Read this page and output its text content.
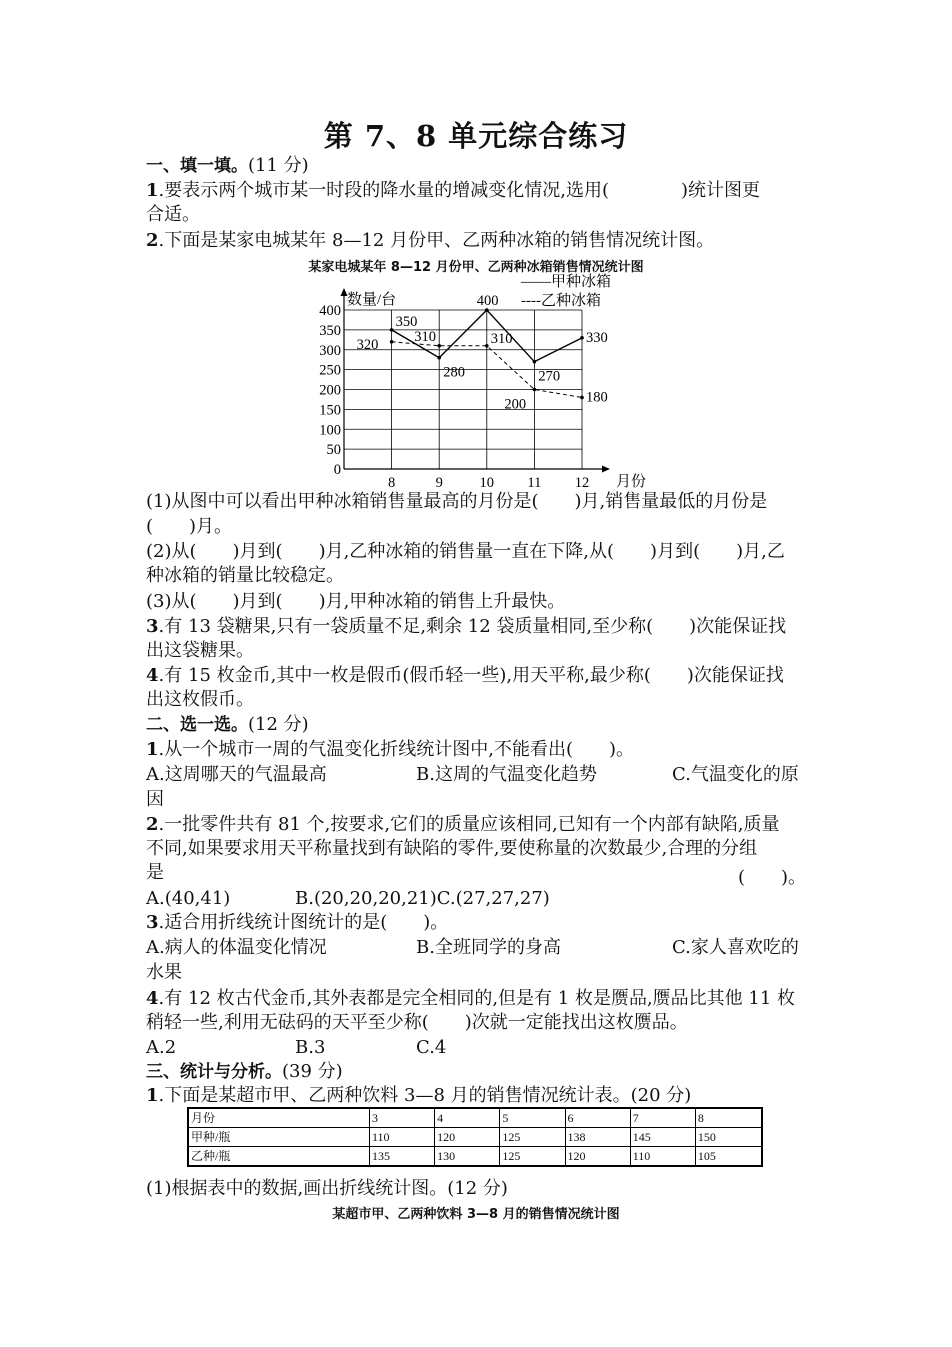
第 7、8 单元综合练习
一、填一填。(11 分)
1.要表示两个城市某一时段的降水量的增减变化情况,选用(　　　　)统计图更
合适。
2.下面是某家电城某年 8—12 月份甲、乙两种冰箱的销售情况统计图。
某家电城某年 8—12 月份甲、乙两种冰箱销售情况统计图
0
50
100
150
200
250
300
350
400
8	9	10 11 12
350
280
400
270
330
320
310	310
200	180
数量/台
月份
——甲种冰箱
----乙种冰箱
(1)从图中可以看出甲种冰箱销售量最高的月份是(　　)月,销售量最低的月份是
(　　)月。
(2)从(　　)月到(　　)月,乙种冰箱的销售量一直在下降,从(　　)月到(　　)月,乙
种冰箱的销量比较稳定。
(3)从(　　)月到(　　)月,甲种冰箱的销售上升最快。
3.有 13 袋糖果,只有一袋质量不足,剩余 12 袋质量相同,至少称(　　)次能保证找
出这袋糖果。
4.有 15 枚金币,其中一枚是假币(假币轻一些),用天平称,最少称(　　)次能保证找
出这枚假币。
二、选一选。(12 分)
1.从一个城市一周的气温变化折线统计图中,不能看出(　　)。
A.这周哪天的气温最高	B.这周的气温变化趋势	C.气温变化的原
因
2.一批零件共有 81 个,按要求,它们的质量应该相同,已知有一个内部有缺陷,质量
不同,如果要求用天平称量找到有缺陷的零件,要使称量的次数最少,合理的分组
是	(　　)。
A.(40,41)	B.(20,20,20,21)C.(27,27,27)
3.适合用折线统计图统计的是(　　)。
A.病人的体温变化情况	B.全班同学的身高	C.家人喜欢吃的
水果
4.有 12 枚古代金币,其外表都是完全相同的,但是有 1 枚是赝品,赝品比其他 11 枚
稍轻一些,利用无砝码的天平至少称(　　)次就一定能找出这枚赝品。
A.2	B.3	C.4
三、统计与分析。(39 分)
1.下面是某超市甲、乙两种饮料 3—8 月的销售情况统计表。(20 分)
月份	3	4	5	6	7	8
甲种/瓶	110	120	125	138	145	150
乙种/瓶	135	130	125	120	110	105
(1)根据表中的数据,画出折线统计图。(12 分)
某超市甲、乙两种饮料 3—8 月的销售情况统计图
